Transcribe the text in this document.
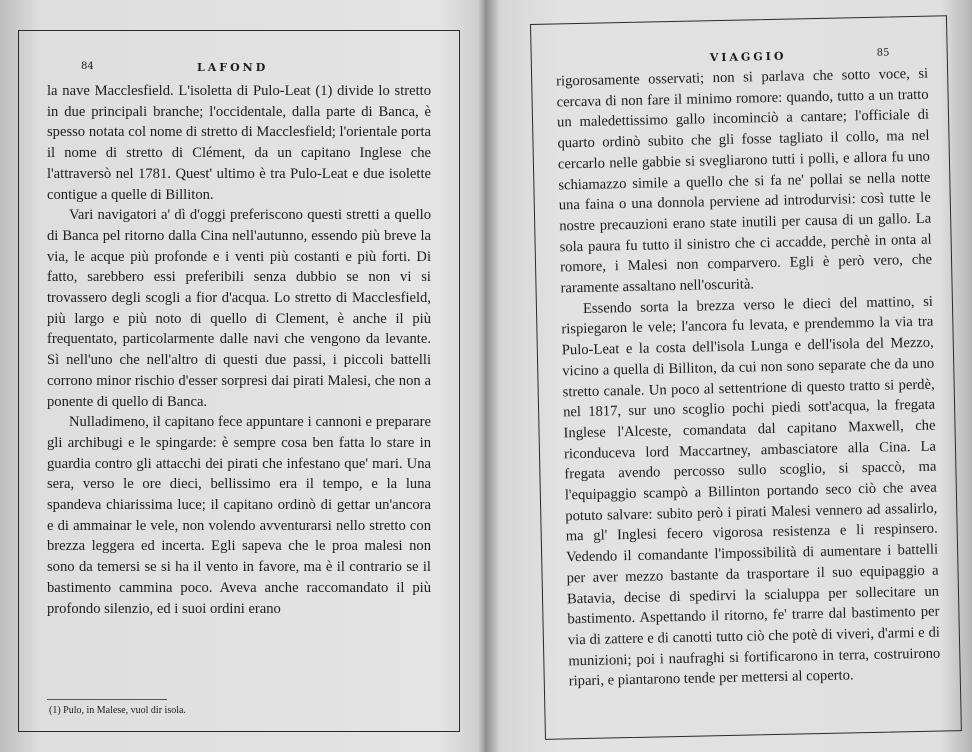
84	LAFOND

la nave Macclesfield. L'isoletta di Pulo-Leat (1) divide lo stretto in due principali branche; l'occidentale, dalla parte di Banca, è spesso notata col nome di stretto di Macclesfield; l'orientale porta il nome di stretto di Clément, da un capitano Inglese che l'attraversò nel 1781. Quest' ultimo è tra Pulo-Leat e due isolette contigue a quelle di Billiton.

Vari navigatori a' dì d'oggi preferiscono questi stretti a quello di Banca pel ritorno dalla Cina nell'autunno, essendo più breve la via, le acque più profonde e i venti più costanti e più forti. Di fatto, sarebbero essi preferibili senza dubbio se non vi si trovassero degli scogli a fior d'acqua. Lo stretto di Macclesfield, più largo e più noto di quello di Clement, è anche il più frequentato, particolarmente dalle navi che vengono da levante. Sì nell'uno che nell'altro di questi due passi, i piccoli battelli corrono minor rischio d'esser sorpresi dai pirati Malesi, che non a ponente di quello di Banca.

Nulladimeno, il capitano fece appuntare i cannoni e preparare gli archibugi e le spingarde: è sempre cosa ben fatta lo stare in guardia contro gli attacchi dei pirati che infestano que' mari. Una sera, verso le ore dieci, bellissimo era il tempo, e la luna spandeva chiarissima luce; il capitano ordinò di gettar un'ancora e di ammainar le vele, non volendo avventurarsi nello stretto con brezza leggera ed incerta. Egli sapeva che le proa malesi non sono da temersi se si ha il vento in favore, ma è il contrario se il bastimento cammina poco. Aveva anche raccomandato il più profondo silenzio, ed i suoi ordini erano

(1) Pulo, in Malese, vuol dir isola.
VIAGGIO	85

rigorosamente osservati; non si parlava che sotto voce, si cercava di non fare il minimo romore: quando, tutto a un tratto un maledettissimo gallo incominciò a cantare; l'officiale di quarto ordinò subito che gli fosse tagliato il collo, ma nel cercarlo nelle gabbie si svegliarono tutti i polli, e allora fu uno schiamazzo simile a quello che si fa ne' pollai se nella notte una faina o una donnola perviene ad introdurvisi: così tutte le nostre precauzioni erano state inutili per causa di un gallo. La sola paura fu tutto il sinistro che ci accadde, perchè in onta al romore, i Malesi non comparvero. Egli è però vero, che raramente assaltano nell'oscurità.

Essendo sorta la brezza verso le dieci del mattino, si rispiegaron le vele; l'ancora fu levata, e prendemmo la via tra Pulo-Leat e la costa dell'isola Lunga e dell'isola del Mezzo, vicino a quella di Billiton, da cui non sono separate che da uno stretto canale. Un poco al settentrione di questo tratto si perdè, nel 1817, sur uno scoglio pochi piedi sott'acqua, la fregata Inglese l'Alceste, comandata dal capitano Maxwell, che riconduceva lord Maccartney, ambasciatore alla Cina. La fregata avendo percosso sullo scoglio, si spaccò, ma l'equipaggio scampò a Billinton portando seco ciò che avea potuto salvare: subito però i pirati Malesi vennero ad assalirlo, ma gl' Inglesi fecero vigorosa resistenza e li respinsero. Vedendo il comandante l'impossibilità di aumentare i battelli per aver mezzo bastante da trasportare il suo equipaggio a Batavia, decise di spedirvi la scialuppa per sollecitare un bastimento. Aspettando il ritorno, fe' trarre dal bastimento per via di zattere e di canotti tutto ciò che potè di viveri, d'armi e di munizioni; poi i naufraghi si fortificarono in terra, costruirono ripari, e piantarono tende per mettersi al coperto.
